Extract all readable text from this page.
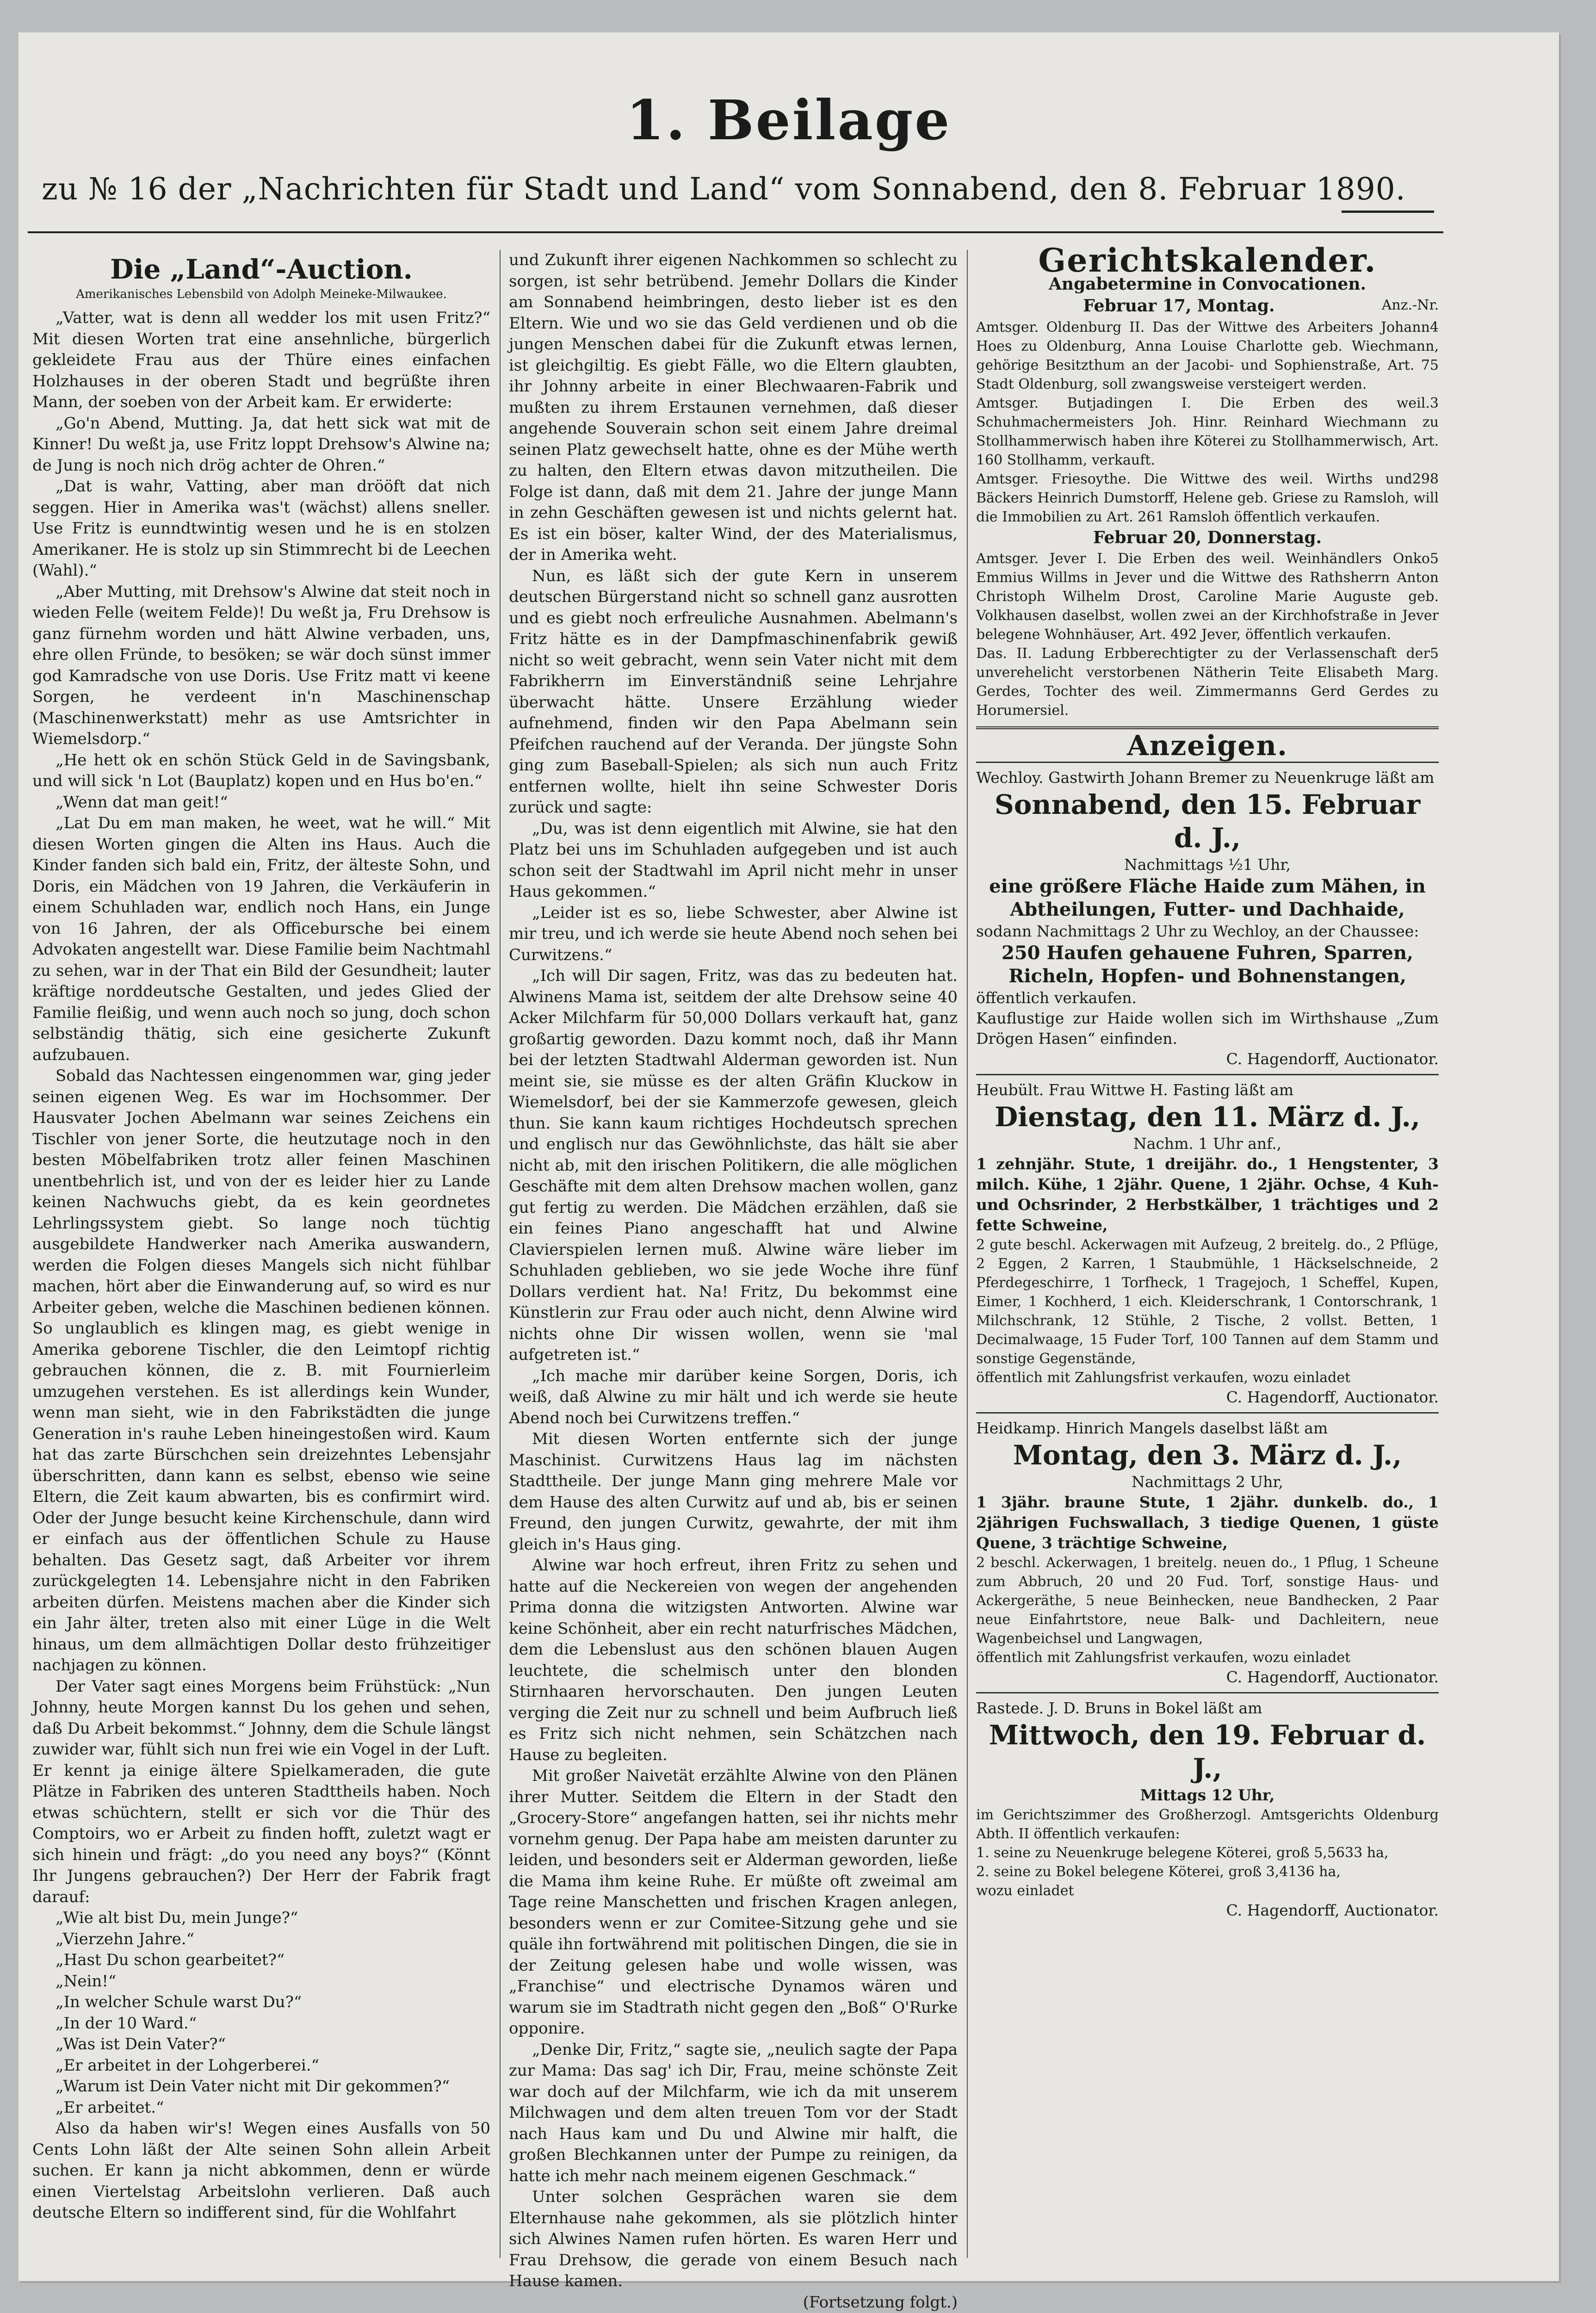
1. Beilage
zu № 16 der „Nachrichten für Stadt und Land“ vom Sonnabend, den 8. Februar 1890.
Die „Land“-Auction.
Amerikanisches Lebensbild von Adolph Meineke-Milwaukee.

„Vatter, wat is denn all wedder los mit usen Fritz?“ Mit diesen Worten trat eine ansehnliche, bürgerlich gekleidete Frau aus der Thüre eines einfachen Holzhauses in der oberen Stadt und begrüßte ihren Mann, der soeben von der Arbeit kam. Er erwiderte:

„Go'n Abend, Mutting. Ja, dat hett sick wat mit de Kinner! Du weßt ja, use Fritz loppt Drehsow's Alwine na; de Jung is noch nich drög achter de Ohren.“

„Dat is wahr, Vatting, aber man drööft dat nich seggen. Hier in Amerika was't (wächst) allens sneller. Use Fritz is eunndtwintig wesen und he is en stolzen Amerikaner. He is stolz up sin Stimmrecht bi de Leechen (Wahl).“

„Aber Mutting, mit Drehsow's Alwine dat steit noch in wieden Felle (weitem Felde)! Du weßt ja, Fru Drehsow is ganz fürnehm worden und hätt Alwine verbaden, uns, ehre ollen Fründe, to besöken; se wär doch sünst immer god Kamradsche von use Doris. Use Fritz matt vi keene Sorgen, he verdeent in'n Maschinenschap (Maschinenwerkstatt) mehr as use Amtsrichter in Wiemelsdorp.“

„He hett ok en schön Stück Geld in de Savingsbank, und will sick 'n Lot (Bauplatz) kopen und en Hus bo'en.“

„Wenn dat man geit!“

„Lat Du em man maken, he weet, wat he will.“ Mit diesen Worten gingen die Alten ins Haus. Auch die Kinder fanden sich bald ein, Fritz, der älteste Sohn, und Doris, ein Mädchen von 19 Jahren, die Verkäuferin in einem Schuhladen war, endlich noch Hans, ein Junge von 16 Jahren, der als Officebursche bei einem Advokaten angestellt war. Diese Familie beim Nachtmahl zu sehen, war in der That ein Bild der Gesundheit; lauter kräftige norddeutsche Gestalten, und jedes Glied der Familie fleißig, und wenn auch noch so jung, doch schon selbständig thätig, sich eine gesicherte Zukunft aufzubauen.

Sobald das Nachtessen eingenommen war, ging jeder seinen eigenen Weg. Es war im Hochsommer. Der Hausvater Jochen Abelmann war seines Zeichens ein Tischler von jener Sorte, die heutzutage noch in den besten Möbelfabriken trotz aller feinen Maschinen unentbehrlich ist, und von der es leider hier zu Lande keinen Nachwuchs giebt, da es kein geordnetes Lehrlingssystem giebt. So lange noch tüchtig ausgebildete Handwerker nach Amerika auswandern, werden die Folgen dieses Mangels sich nicht fühlbar machen, hört aber die Einwanderung auf, so wird es nur Arbeiter geben, welche die Maschinen bedienen können. So unglaublich es klingen mag, es giebt wenige in Amerika geborene Tischler, die den Leimtopf richtig gebrauchen können, die z. B. mit Fournierleim umzugehen verstehen. Es ist allerdings kein Wunder, wenn man sieht, wie in den Fabrikstädten die junge Generation in's rauhe Leben hineingestoßen wird. Kaum hat das zarte Bürschchen sein dreizehntes Lebensjahr überschritten, dann kann es selbst, ebenso wie seine Eltern, die Zeit kaum abwarten, bis es confirmirt wird. Oder der Junge besucht keine Kirchenschule, dann wird er einfach aus der öffentlichen Schule zu Hause behalten. Das Gesetz sagt, daß Arbeiter vor ihrem zurückgelegten 14. Lebensjahre nicht in den Fabriken arbeiten dürfen. Meistens machen aber die Kinder sich ein Jahr älter, treten also mit einer Lüge in die Welt hinaus, um dem allmächtigen Dollar desto frühzeitiger nachjagen zu können.

Der Vater sagt eines Morgens beim Frühstück: „Nun Johnny, heute Morgen kannst Du los gehen und sehen, daß Du Arbeit bekommst.“ Johnny, dem die Schule längst zuwider war, fühlt sich nun frei wie ein Vogel in der Luft. Er kennt ja einige ältere Spielkameraden, die gute Plätze in Fabriken des unteren Stadttheils haben. Noch etwas schüchtern, stellt er sich vor die Thür des Comptoirs, wo er Arbeit zu finden hofft, zuletzt wagt er sich hinein und frägt: „do you need any boys?“ (Könnt Ihr Jungens gebrauchen?) Der Herr der Fabrik fragt darauf:

„Wie alt bist Du, mein Junge?“

„Vierzehn Jahre.“

„Hast Du schon gearbeitet?“

„Nein!“

„In welcher Schule warst Du?“

„In der 10 Ward.“

„Was ist Dein Vater?“

„Er arbeitet in der Lohgerberei.“

„Warum ist Dein Vater nicht mit Dir gekommen?“

„Er arbeitet.“

Also da haben wir's! Wegen eines Ausfalls von 50 Cents Lohn läßt der Alte seinen Sohn allein Arbeit suchen. Er kann ja nicht abkommen, denn er würde einen Viertelstag Arbeitslohn verlieren. Daß auch deutsche Eltern so indifferent sind, für die Wohlfahrt

und Zukunft ihrer eigenen Nachkommen so schlecht zu sorgen, ist sehr betrübend. Jemehr Dollars die Kinder am Sonnabend heimbringen, desto lieber ist es den Eltern. Wie und wo sie das Geld verdienen und ob die jungen Menschen dabei für die Zukunft etwas lernen, ist gleichgiltig. Es giebt Fälle, wo die Eltern glaubten, ihr Johnny arbeite in einer Blechwaaren-Fabrik und mußten zu ihrem Erstaunen vernehmen, daß dieser angehende Souverain schon seit einem Jahre dreimal seinen Platz gewechselt hatte, ohne es der Mühe werth zu halten, den Eltern etwas davon mitzutheilen. Die Folge ist dann, daß mit dem 21. Jahre der junge Mann in zehn Geschäften gewesen ist und nichts gelernt hat. Es ist ein böser, kalter Wind, der des Materialismus, der in Amerika weht.

Nun, es läßt sich der gute Kern in unserem deutschen Bürgerstand nicht so schnell ganz ausrotten und es giebt noch erfreuliche Ausnahmen. Abelmann's Fritz hätte es in der Dampfmaschinenfabrik gewiß nicht so weit gebracht, wenn sein Vater nicht mit dem Fabrikherrn im Einverständniß seine Lehrjahre überwacht hätte. Unsere Erzählung wieder aufnehmend, finden wir den Papa Abelmann sein Pfeifchen rauchend auf der Veranda. Der jüngste Sohn ging zum Baseball-Spielen; als sich nun auch Fritz entfernen wollte, hielt ihn seine Schwester Doris zurück und sagte:

„Du, was ist denn eigentlich mit Alwine, sie hat den Platz bei uns im Schuhladen aufgegeben und ist auch schon seit der Stadtwahl im April nicht mehr in unser Haus gekommen.“

„Leider ist es so, liebe Schwester, aber Alwine ist mir treu, und ich werde sie heute Abend noch sehen bei Curwitzens.“

„Ich will Dir sagen, Fritz, was das zu bedeuten hat. Alwinens Mama ist, seitdem der alte Drehsow seine 40 Acker Milchfarm für 50,000 Dollars verkauft hat, ganz großartig geworden. Dazu kommt noch, daß ihr Mann bei der letzten Stadtwahl Alderman geworden ist. Nun meint sie, sie müsse es der alten Gräfin Kluckow in Wiemelsdorf, bei der sie Kammerzofe gewesen, gleich thun. Sie kann kaum richtiges Hochdeutsch sprechen und englisch nur das Gewöhnlichste, das hält sie aber nicht ab, mit den irischen Politikern, die alle möglichen Geschäfte mit dem alten Drehsow machen wollen, ganz gut fertig zu werden. Die Mädchen erzählen, daß sie ein feines Piano angeschafft hat und Alwine Clavierspielen lernen muß. Alwine wäre lieber im Schuhladen geblieben, wo sie jede Woche ihre fünf Dollars verdient hat. Na! Fritz, Du bekommst eine Künstlerin zur Frau oder auch nicht, denn Alwine wird nichts ohne Dir wissen wollen, wenn sie 'mal aufgetreten ist.“

„Ich mache mir darüber keine Sorgen, Doris, ich weiß, daß Alwine zu mir hält und ich werde sie heute Abend noch bei Curwitzens treffen.“

Mit diesen Worten entfernte sich der junge Maschinist. Curwitzens Haus lag im nächsten Stadttheile. Der junge Mann ging mehrere Male vor dem Hause des alten Curwitz auf und ab, bis er seinen Freund, den jungen Curwitz, gewahrte, der mit ihm gleich in's Haus ging.

Alwine war hoch erfreut, ihren Fritz zu sehen und hatte auf die Neckereien von wegen der angehenden Prima donna die witzigsten Antworten. Alwine war keine Schönheit, aber ein recht naturfrisches Mädchen, dem die Lebenslust aus den schönen blauen Augen leuchtete, die schelmisch unter den blonden Stirnhaaren hervorschauten. Den jungen Leuten verging die Zeit nur zu schnell und beim Aufbruch ließ es Fritz sich nicht nehmen, sein Schätzchen nach Hause zu begleiten.

Mit großer Naivetät erzählte Alwine von den Plänen ihrer Mutter. Seitdem die Eltern in der Stadt den „Grocery-Store“ angefangen hatten, sei ihr nichts mehr vornehm genug. Der Papa habe am meisten darunter zu leiden, und besonders seit er Alderman geworden, ließe die Mama ihm keine Ruhe. Er müßte oft zweimal am Tage reine Manschetten und frischen Kragen anlegen, besonders wenn er zur Comitee-Sitzung gehe und sie quäle ihn fortwährend mit politischen Dingen, die sie in der Zeitung gelesen habe und wolle wissen, was „Franchise“ und electrische Dynamos wären und warum sie im Stadtrath nicht gegen den „Boß“ O'Rurke opponire.

„Denke Dir, Fritz,“ sagte sie, „neulich sagte der Papa zur Mama: Das sag' ich Dir, Frau, meine schönste Zeit war doch auf der Milchfarm, wie ich da mit unserem Milchwagen und dem alten treuen Tom vor der Stadt nach Haus kam und Du und Alwine mir halft, die großen Blechkannen unter der Pumpe zu reinigen, da hatte ich mehr nach meinem eigenen Geschmack.“

Unter solchen Gesprächen waren sie dem Elternhause nahe gekommen, als sie plötzlich hinter sich Alwines Namen rufen hörten. Es waren Herr und Frau Drehsow, die gerade von einem Besuch nach Hause kamen.

(Fortsetzung folgt.)
Gerichtskalender.
Angabetermine in Convocationen.
Anz.-Nr.
Februar 17, Montag.
4
Amtsger. Oldenburg II. Das der Wittwe des Arbeiters Johann Hoes zu Oldenburg, Anna Louise Charlotte geb. Wiechmann, gehörige Besitzthum an der Jacobi- und Sophienstraße, Art. 75 Stadt Oldenburg, soll zwangsweise versteigert werden.
3
Amtsger. Butjadingen I. Die Erben des weil. Schuhmachermeisters Joh. Hinr. Reinhard Wiechmann zu Stollhammerwisch haben ihre Köterei zu Stollhammerwisch, Art. 160 Stollhamm, verkauft.
298
Amtsger. Friesoythe. Die Wittwe des weil. Wirths und Bäckers Heinrich Dumstorff, Helene geb. Griese zu Ramsloh, will die Immobilien zu Art. 261 Ramsloh öffentlich verkaufen.
Februar 20, Donnerstag.
5
Amtsger. Jever I. Die Erben des weil. Weinhändlers Onko Emmius Willms in Jever und die Wittwe des Rathsherrn Anton Christoph Wilhelm Drost, Caroline Marie Auguste geb. Volkhausen daselbst, wollen zwei an der Kirchhofstraße in Jever belegene Wohnhäuser, Art. 492 Jever, öffentlich verkaufen.
5
Das. II. Ladung Erbberechtigter zu der Verlassenschaft der unverehelicht verstorbenen Nätherin Teite Elisabeth Marg. Gerdes, Tochter des weil. Zimmermanns Gerd Gerdes zu Horumersiel.
Anzeigen.
Wechloy. Gastwirth Johann Bremer zu Neuenkruge läßt am
Sonnabend, den 15. Februar d. J.,
Nachmittags ½1 Uhr,
eine größere Fläche Haide zum Mähen, in Abtheilungen, Futter- und Dachhaide,
sodann Nachmittags 2 Uhr zu Wechloy, an der Chaussee:
250 Haufen gehauene Fuhren, Sparren, Richeln, Hopfen- und Bohnenstangen,
öffentlich verkaufen.
Kauflustige zur Haide wollen sich im Wirthshause „Zum Drögen Hasen“ einfinden.
C. Hagendorff, Auctionator.
Heubült. Frau Wittwe H. Fasting läßt am
Dienstag, den 11. März d. J.,
Nachm. 1 Uhr anf.,
1 zehnjähr. Stute, 1 dreijähr. do., 1 Hengstenter, 3 milch. Kühe, 1 2jähr. Quene, 1 2jähr. Ochse, 4 Kuh- und Ochsrinder, 2 Herbstkälber, 1 trächtiges und 2 fette Schweine,
2 gute beschl. Ackerwagen mit Aufzeug, 2 breitelg. do., 2 Pflüge, 2 Eggen, 2 Karren, 1 Staubmühle, 1 Häckselschneide, 2 Pferdegeschirre, 1 Torfheck, 1 Tragejoch, 1 Scheffel, Kupen, Eimer, 1 Kochherd, 1 eich. Kleiderschrank, 1 Contorschrank, 1 Milchschrank, 12 Stühle, 2 Tische, 2 vollst. Betten, 1 Decimalwaage, 15 Fuder Torf, 100 Tannen auf dem Stamm und sonstige Gegenstände,
öffentlich mit Zahlungsfrist verkaufen, wozu einladet
C. Hagendorff, Auctionator.
Heidkamp. Hinrich Mangels daselbst läßt am
Montag, den 3. März d. J.,
Nachmittags 2 Uhr,
1 3jähr. braune Stute, 1 2jähr. dunkelb. do., 1 2jährigen Fuchswallach, 3 tiedige Quenen, 1 güste Quene, 3 trächtige Schweine,
2 beschl. Ackerwagen, 1 breitelg. neuen do., 1 Pflug, 1 Scheune zum Abbruch, 20 und 20 Fud. Torf, sonstige Haus- und Ackergeräthe, 5 neue Beinhecken, neue Bandhecken, 2 Paar neue Einfahrtstore, neue Balk- und Dachleitern, neue Wagenbeichsel und Langwagen,
öffentlich mit Zahlungsfrist verkaufen, wozu einladet
C. Hagendorff, Auctionator.
Rastede. J. D. Bruns in Bokel läßt am
Mittwoch, den 19. Februar d. J.,
Mittags 12 Uhr,
im Gerichtszimmer des Großherzogl. Amtsgerichts Oldenburg Abth. II öffentlich verkaufen:
1. seine zu Neuenkruge belegene Köterei, groß 5,5633 ha,
2. seine zu Bokel belegene Köterei, groß 3,4136 ha,
wozu einladet
C. Hagendorff, Auctionator.
